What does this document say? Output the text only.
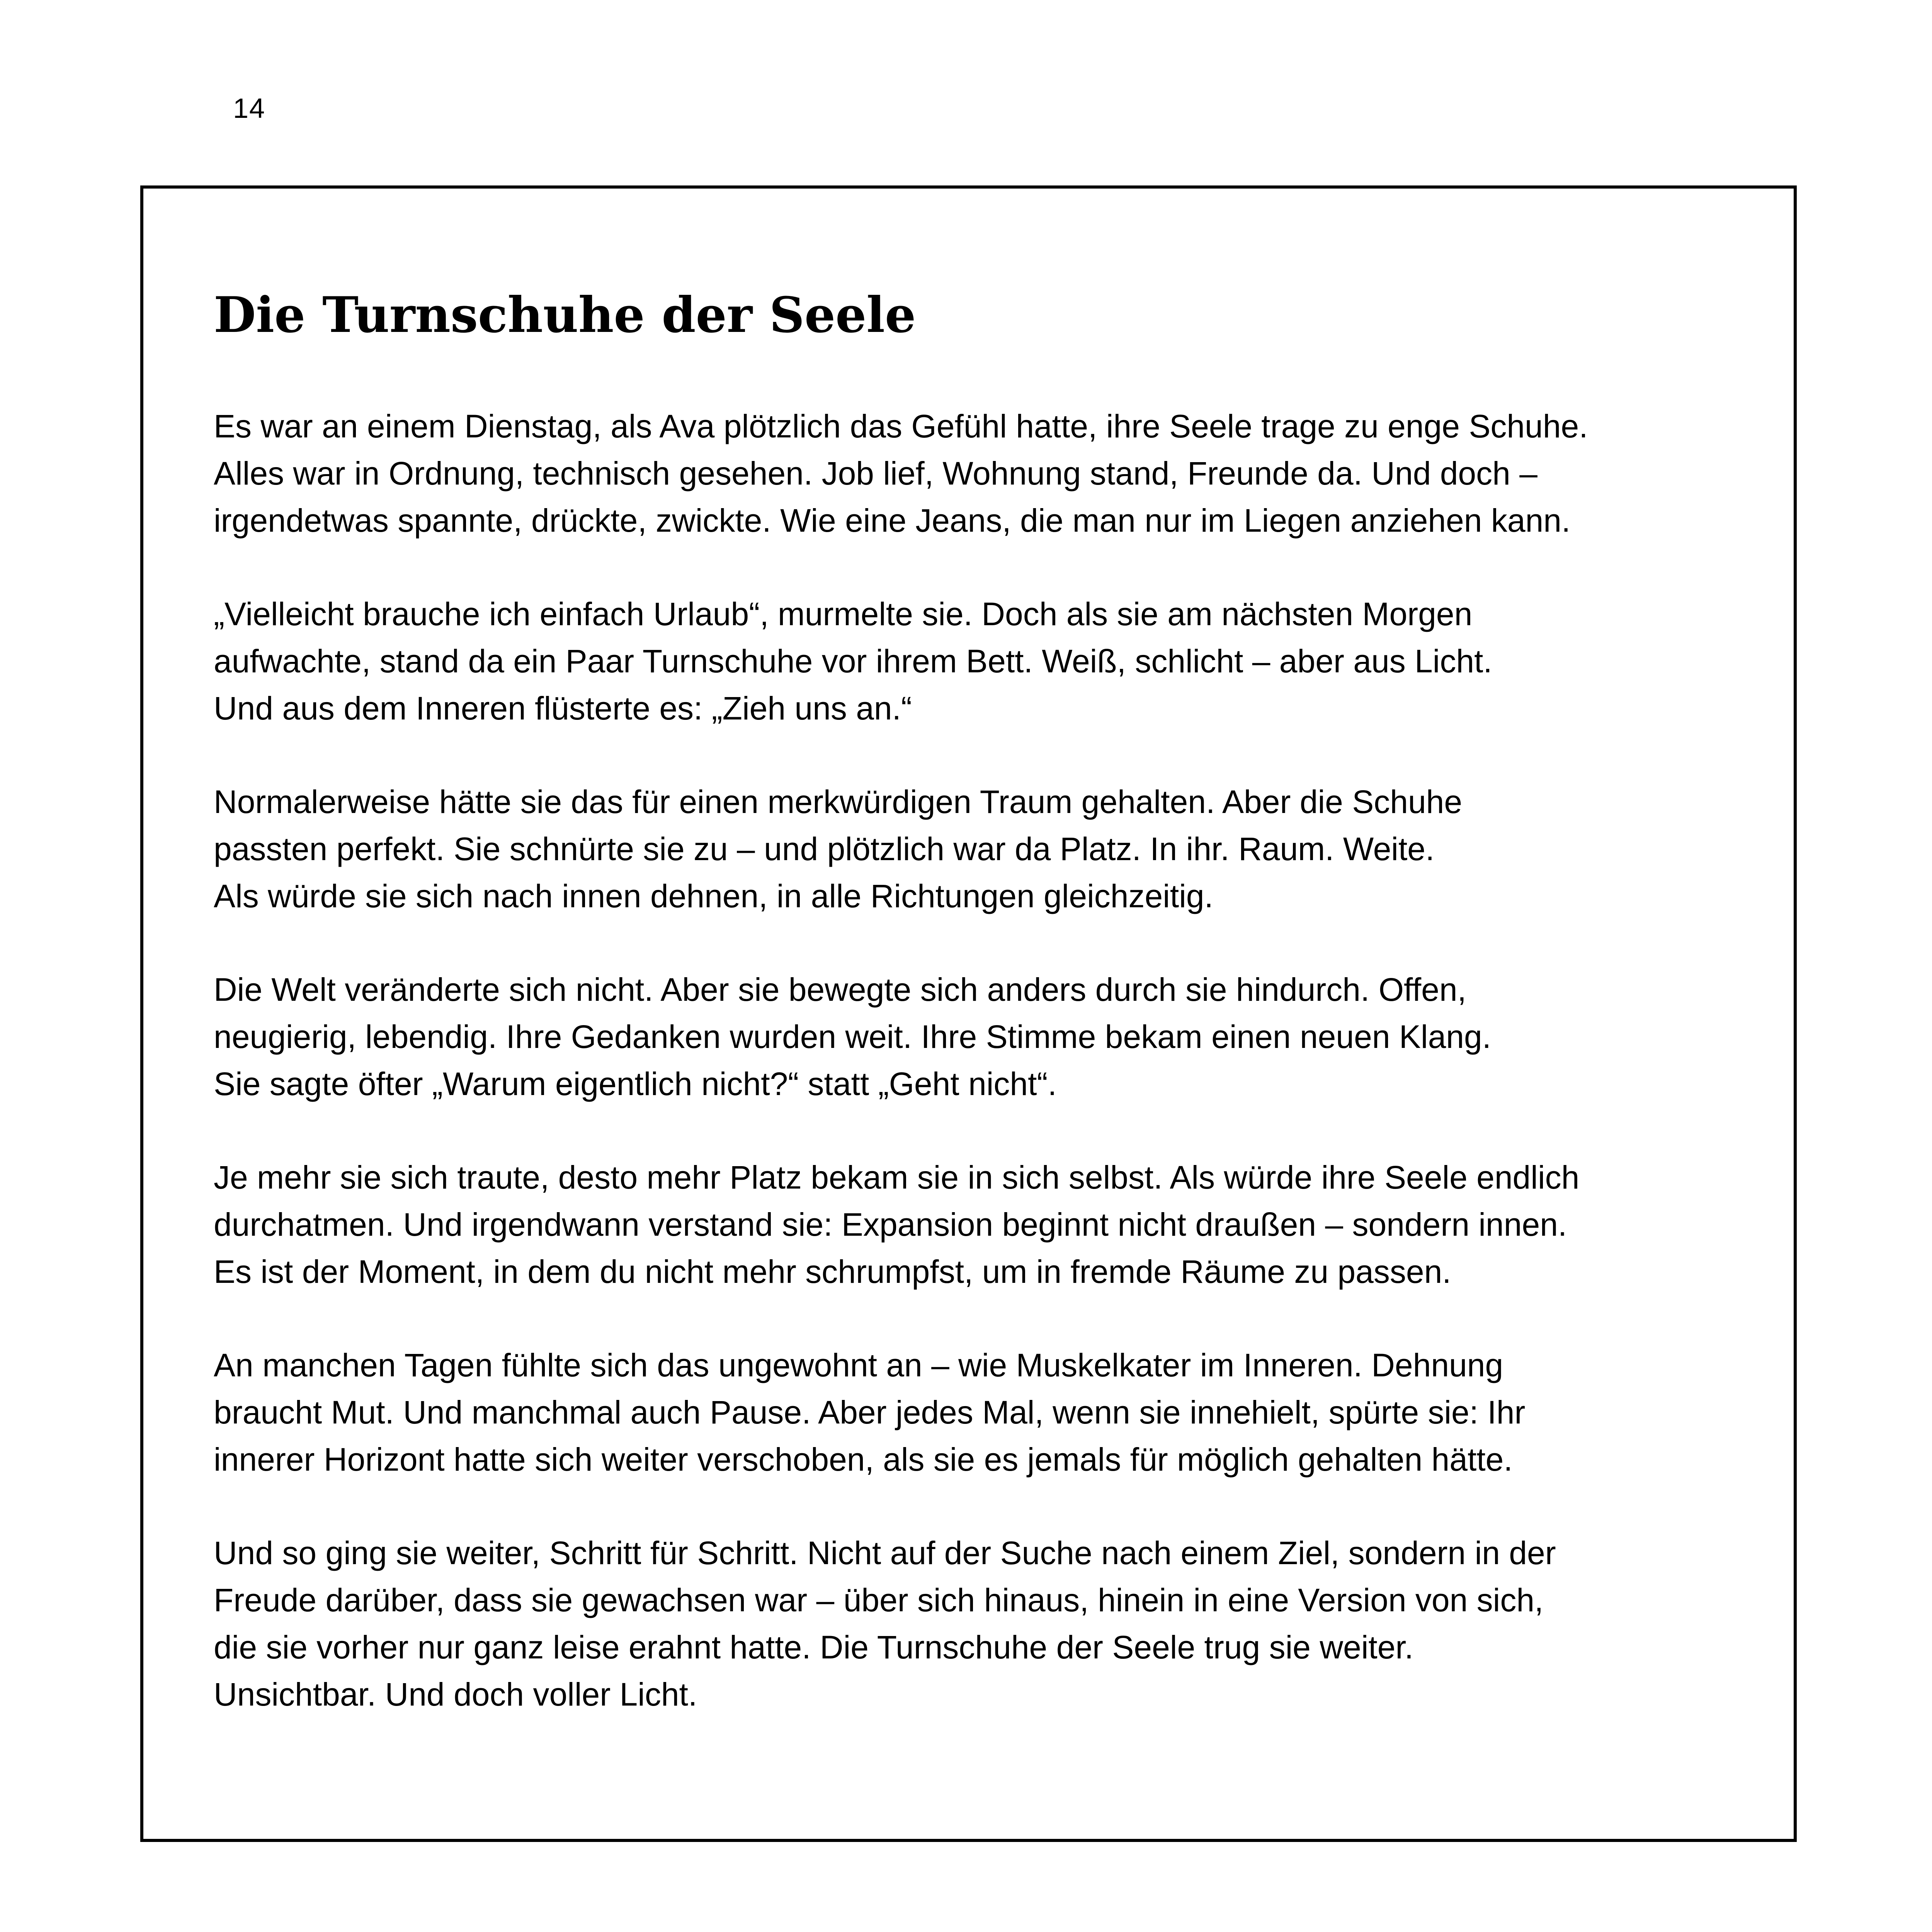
14
Die Turnschuhe der Seele

Es war an einem Dienstag, als Ava plötzlich das Gefühl hatte, ihre Seele trage zu enge Schuhe.
Alles war in Ordnung, technisch gesehen. Job lief, Wohnung stand, Freunde da. Und doch –
irgendetwas spannte, drückte, zwickte. Wie eine Jeans, die man nur im Liegen anziehen kann.

„Vielleicht brauche ich einfach Urlaub“, murmelte sie. Doch als sie am nächsten Morgen
aufwachte, stand da ein Paar Turnschuhe vor ihrem Bett. Weiß, schlicht – aber aus Licht.
Und aus dem Inneren flüsterte es: „Zieh uns an.“

Normalerweise hätte sie das für einen merkwürdigen Traum gehalten. Aber die Schuhe
passten perfekt. Sie schnürte sie zu – und plötzlich war da Platz. In ihr. Raum. Weite.
Als würde sie sich nach innen dehnen, in alle Richtungen gleichzeitig.

Die Welt veränderte sich nicht. Aber sie bewegte sich anders durch sie hindurch. Offen,
neugierig, lebendig. Ihre Gedanken wurden weit. Ihre Stimme bekam einen neuen Klang.
Sie sagte öfter „Warum eigentlich nicht?“ statt „Geht nicht“.

Je mehr sie sich traute, desto mehr Platz bekam sie in sich selbst. Als würde ihre Seele endlich
durchatmen. Und irgendwann verstand sie: Expansion beginnt nicht draußen – sondern innen.
Es ist der Moment, in dem du nicht mehr schrumpfst, um in fremde Räume zu passen.

An manchen Tagen fühlte sich das ungewohnt an – wie Muskelkater im Inneren. Dehnung
braucht Mut. Und manchmal auch Pause. Aber jedes Mal, wenn sie innehielt, spürte sie: Ihr
innerer Horizont hatte sich weiter verschoben, als sie es jemals für möglich gehalten hätte.

Und so ging sie weiter, Schritt für Schritt. Nicht auf der Suche nach einem Ziel, sondern in der
Freude darüber, dass sie gewachsen war – über sich hinaus, hinein in eine Version von sich,
die sie vorher nur ganz leise erahnt hatte. Die Turnschuhe der Seele trug sie weiter.
Unsichtbar. Und doch voller Licht.
